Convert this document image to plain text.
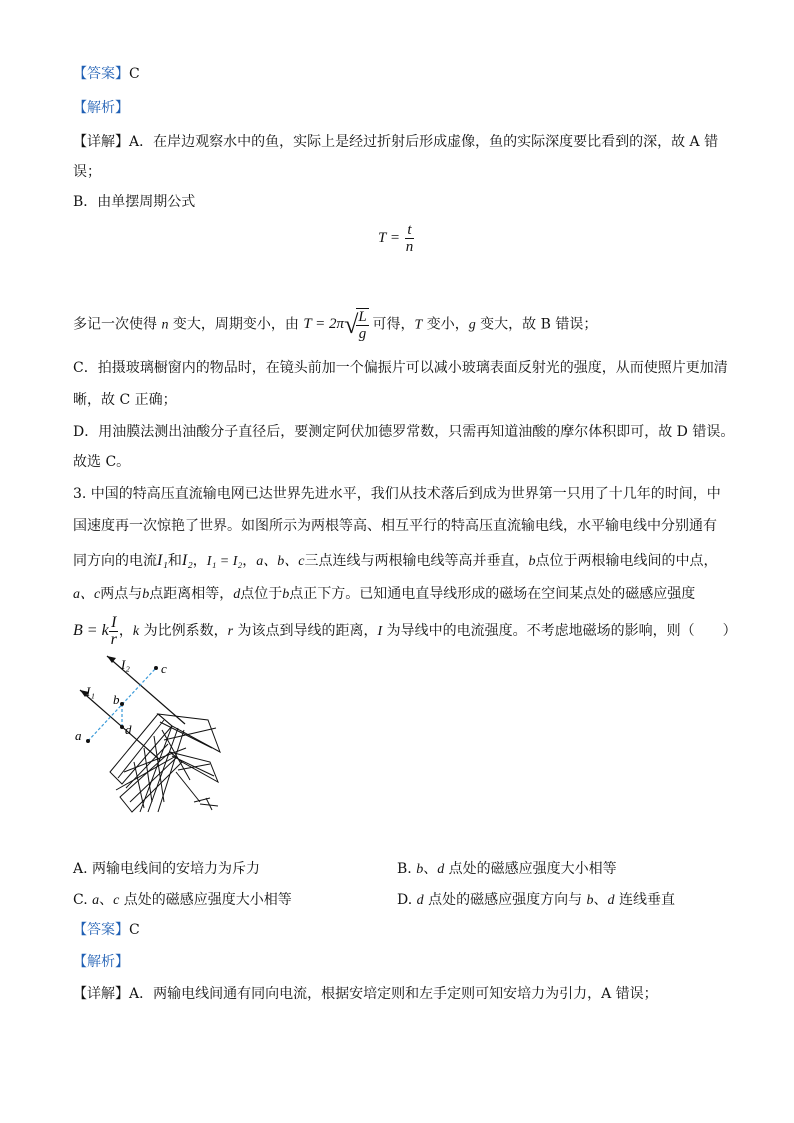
【答案】C
【解析】
【详解】A．在岸边观察水中的鱼，实际上是经过折射后形成虚像，鱼的实际深度要比看到的深，故 A 错
误；
B．由单摆周期公式
$T = \frac{t}{n}$
多记一次使得 n 变大，周期变小，由 T = 2π√
$\frac{L}{g}$ 可得，T 变小，g 变大，故 B 错误；
C．拍摄玻璃橱窗内的物品时，在镜头前加一个偏振片可以减小玻璃表面反射光的强度，从而使照片更加清
晰，故 C 正确；
D．用油膜法测出油酸分子直径后，要测定阿伏加德罗常数，只需再知道油酸的摩尔体积即可，故 D 错误。
故选 C。
3. 中国的特高压直流输电网已达世界先进水平，我们从技术落后到成为世界第一只用了十几年的时间，中
国速度再一次惊艳了世界。如图所示为两根等高、相互平行的特高压直流输电线，水平输电线中分别通有
同方向的电流I₁和I₂，I₁ = I₂，a、b、c三点连线与两根输电线等高并垂直，b点位于两根输电线间的中点，
a、c两点与b点距离相等，d点位于b点正下方。已知通电直导线形成的磁场在空间某点处的磁感应强度
B = k $\frac{I}{r}$ ，k 为比例系数，r 为该点到导线的距离，I 为导线中的电流强度。不考虑地磁场的影响，则（　　）
I₂
I₁
a
b
c
d
A. 两输电线间的安培力为斥力	B. b、d 点处的磁感应强度大小相等
C. a、c 点处的磁感应强度大小相等	D. d 点处的磁感应强度方向与 b、d 连线垂直
【答案】C
【解析】
【详解】A．两输电线间通有同向电流，根据安培定则和左手定则可知安培力为引力，A 错误；
